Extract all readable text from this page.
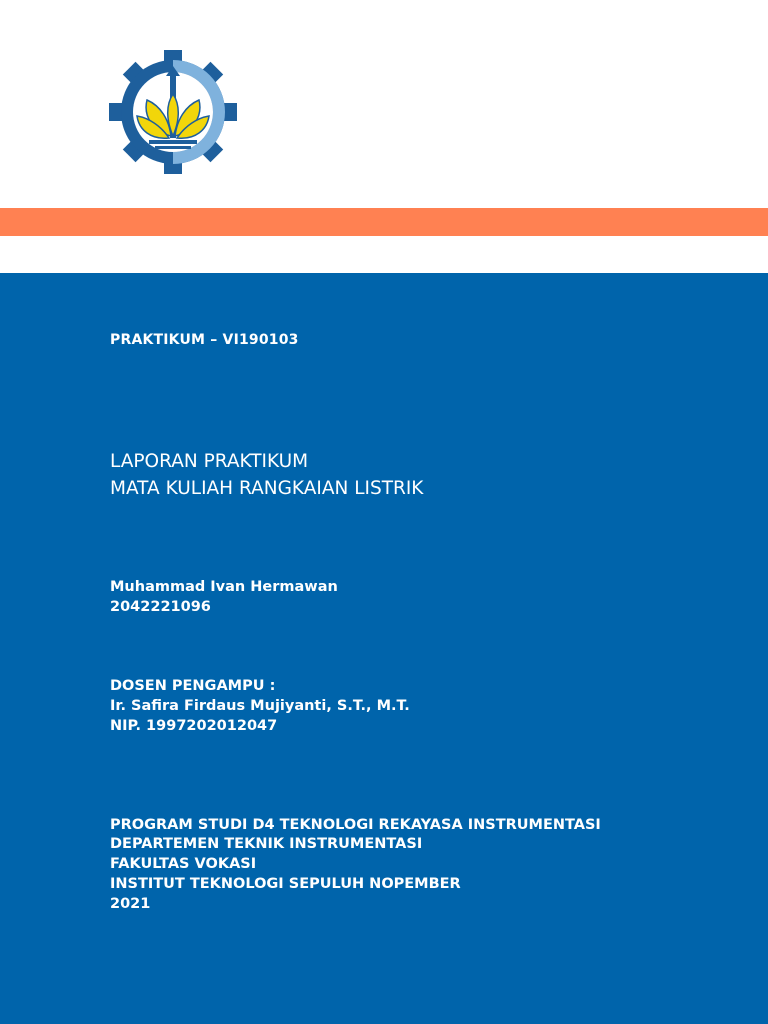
PRAKTIKUM – VI190103
LAPORAN PRAKTIKUM
MATA KULIAH RANGKAIAN LISTRIK
Muhammad Ivan Hermawan
2042221096
DOSEN PENGAMPU :
Ir. Safira Firdaus Mujiyanti, S.T., M.T.
NIP. 1997202012047
PROGRAM STUDI D4 TEKNOLOGI REKAYASA INSTRUMENTASI
DEPARTEMEN TEKNIK INSTRUMENTASI
FAKULTAS VOKASI
INSTITUT TEKNOLOGI SEPULUH NOPEMBER
2021
